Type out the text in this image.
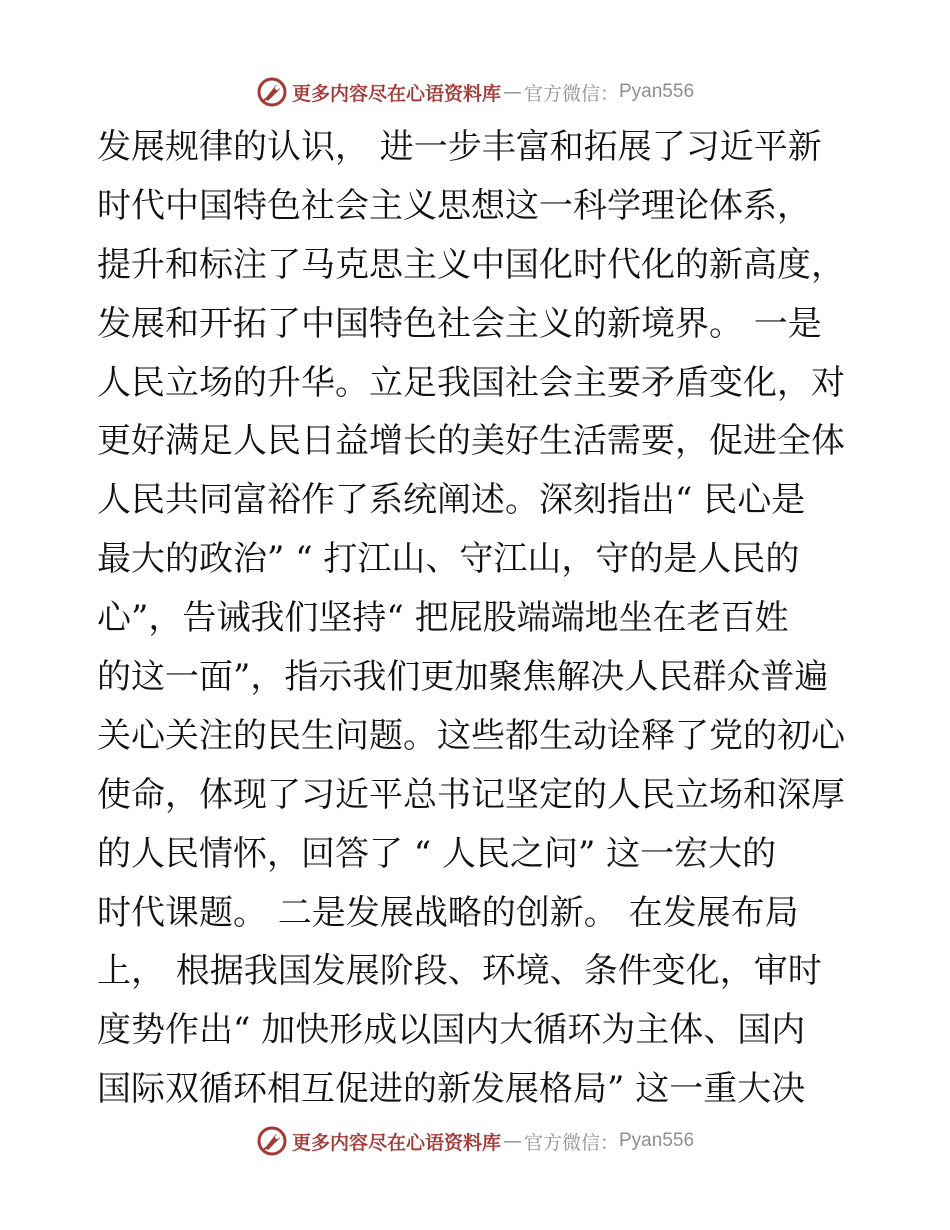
更多内容尽在心语资料库 — 官方微信： Pyan556
发展规律的认识， 进一步丰富和拓展了习近平新
时代中国特色社会主义思想这一科学理论体系，
提升和标注了马克思主义中国化时代化的新高度，
发展和开拓了中国特色社会主义的新境界。 一是
人民立场的升华。立足我国社会主要矛盾变化，对
更好满足人民日益增长的美好生活需要，促进全体
人民共同富裕作了系统阐述。深刻指出“ 民心是
最大的政治” “ 打江山、守江山，守的是人民的
心”，告诫我们坚持“ 把屁股端端地坐在老百姓
的这一面”，指示我们更加聚焦解决人民群众普遍
关心关注的民生问题。这些都生动诠释了党的初心
使命，体现了习近平总书记坚定的人民立场和深厚
的人民情怀，回答了 “ 人民之问” 这一宏大的
时代课题。 二是发展战略的创新。 在发展布局
上， 根据我国发展阶段、环境、条件变化，审时
度势作出“ 加快形成以国内大循环为主体、国内
国际双循环相互促进的新发展格局” 这一重大决
更多内容尽在心语资料库 — 官方微信： Pyan556
